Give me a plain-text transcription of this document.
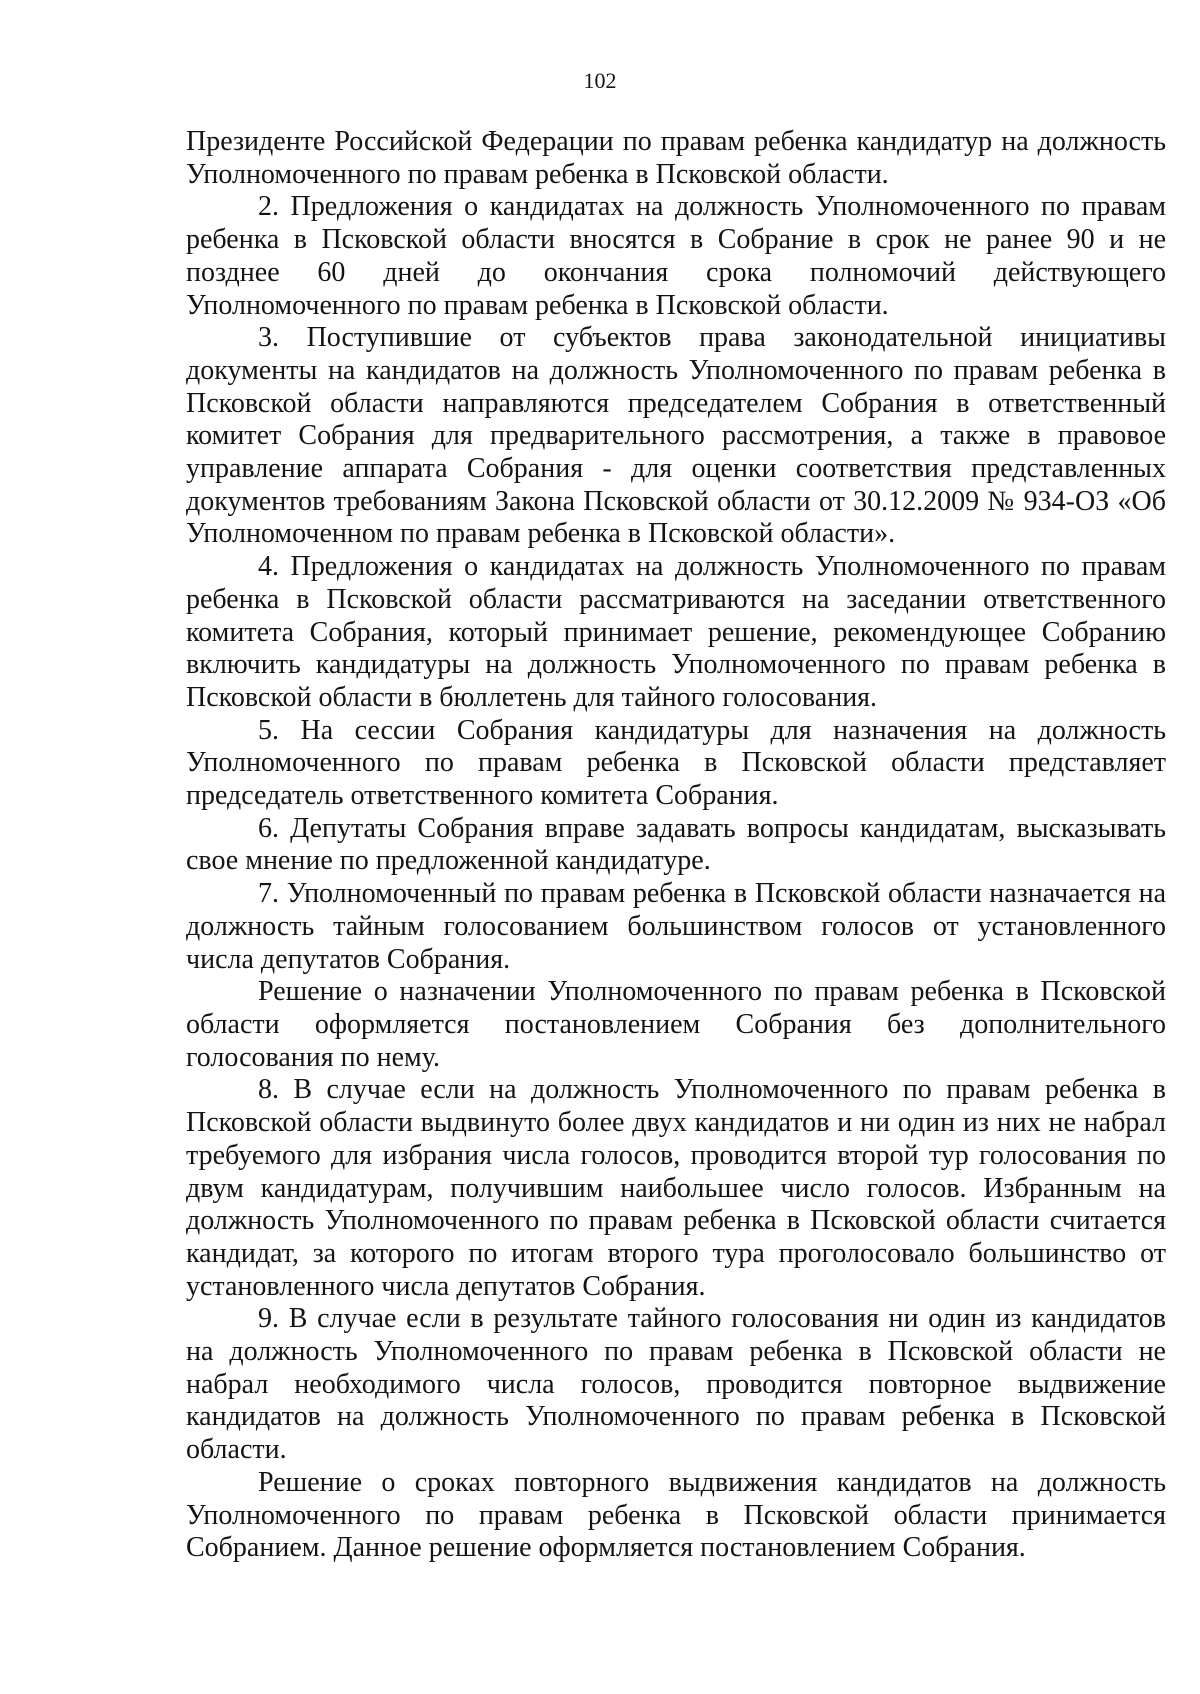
102

Президенте Российской Федерации по правам ребенка кандидатур на должность Уполномоченного по правам ребенка в Псковской области.

2. Предложения о кандидатах на должность Уполномоченного по правам ребенка в Псковской области вносятся в Собрание в срок не ранее 90 и не позднее 60 дней до окончания срока полномочий действующего Уполномоченного по правам ребенка в Псковской области.

3. Поступившие от субъектов права законодательной инициативы документы на кандидатов на должность Уполномоченного по правам ребенка в Псковской области направляются председателем Собрания в ответственный комитет Собрания для предварительного рассмотрения, а также в правовое управление аппарата Собрания - для оценки соответствия представленных документов требованиям Закона Псковской области от 30.12.2009 № 934-ОЗ «Об Уполномоченном по правам ребенка в Псковской области».

4. Предложения о кандидатах на должность Уполномоченного по правам ребенка в Псковской области рассматриваются на заседании ответственного комитета Собрания, который принимает решение, рекомендующее Собранию включить кандидатуры на должность Уполномоченного по правам ребенка в Псковской области в бюллетень для тайного голосования.

5. На сессии Собрания кандидатуры для назначения на должность Уполномоченного по правам ребенка в Псковской области представляет председатель ответственного комитета Собрания.

6. Депутаты Собрания вправе задавать вопросы кандидатам, высказывать свое мнение по предложенной кандидатуре.

7. Уполномоченный по правам ребенка в Псковской области назначается на должность тайным голосованием большинством голосов от установленного числа депутатов Собрания.

Решение о назначении Уполномоченного по правам ребенка в Псковской области оформляется постановлением Собрания без дополнительного голосования по нему.

8. В случае если на должность Уполномоченного по правам ребенка в Псковской области выдвинуто более двух кандидатов и ни один из них не набрал требуемого для избрания числа голосов, проводится второй тур голосования по двум кандидатурам, получившим наибольшее число голосов. Избранным на должность Уполномоченного по правам ребенка в Псковской области считается кандидат, за которого по итогам второго тура проголосовало большинство от установленного числа депутатов Собрания.

9. В случае если в результате тайного голосования ни один из кандидатов на должность Уполномоченного по правам ребенка в Псковской области не набрал необходимого числа голосов, проводится повторное выдвижение кандидатов на должность Уполномоченного по правам ребенка в Псковской области.

Решение о сроках повторного выдвижения кандидатов на должность Уполномоченного по правам ребенка в Псковской области принимается Собранием. Данное решение оформляется постановлением Собрания.
